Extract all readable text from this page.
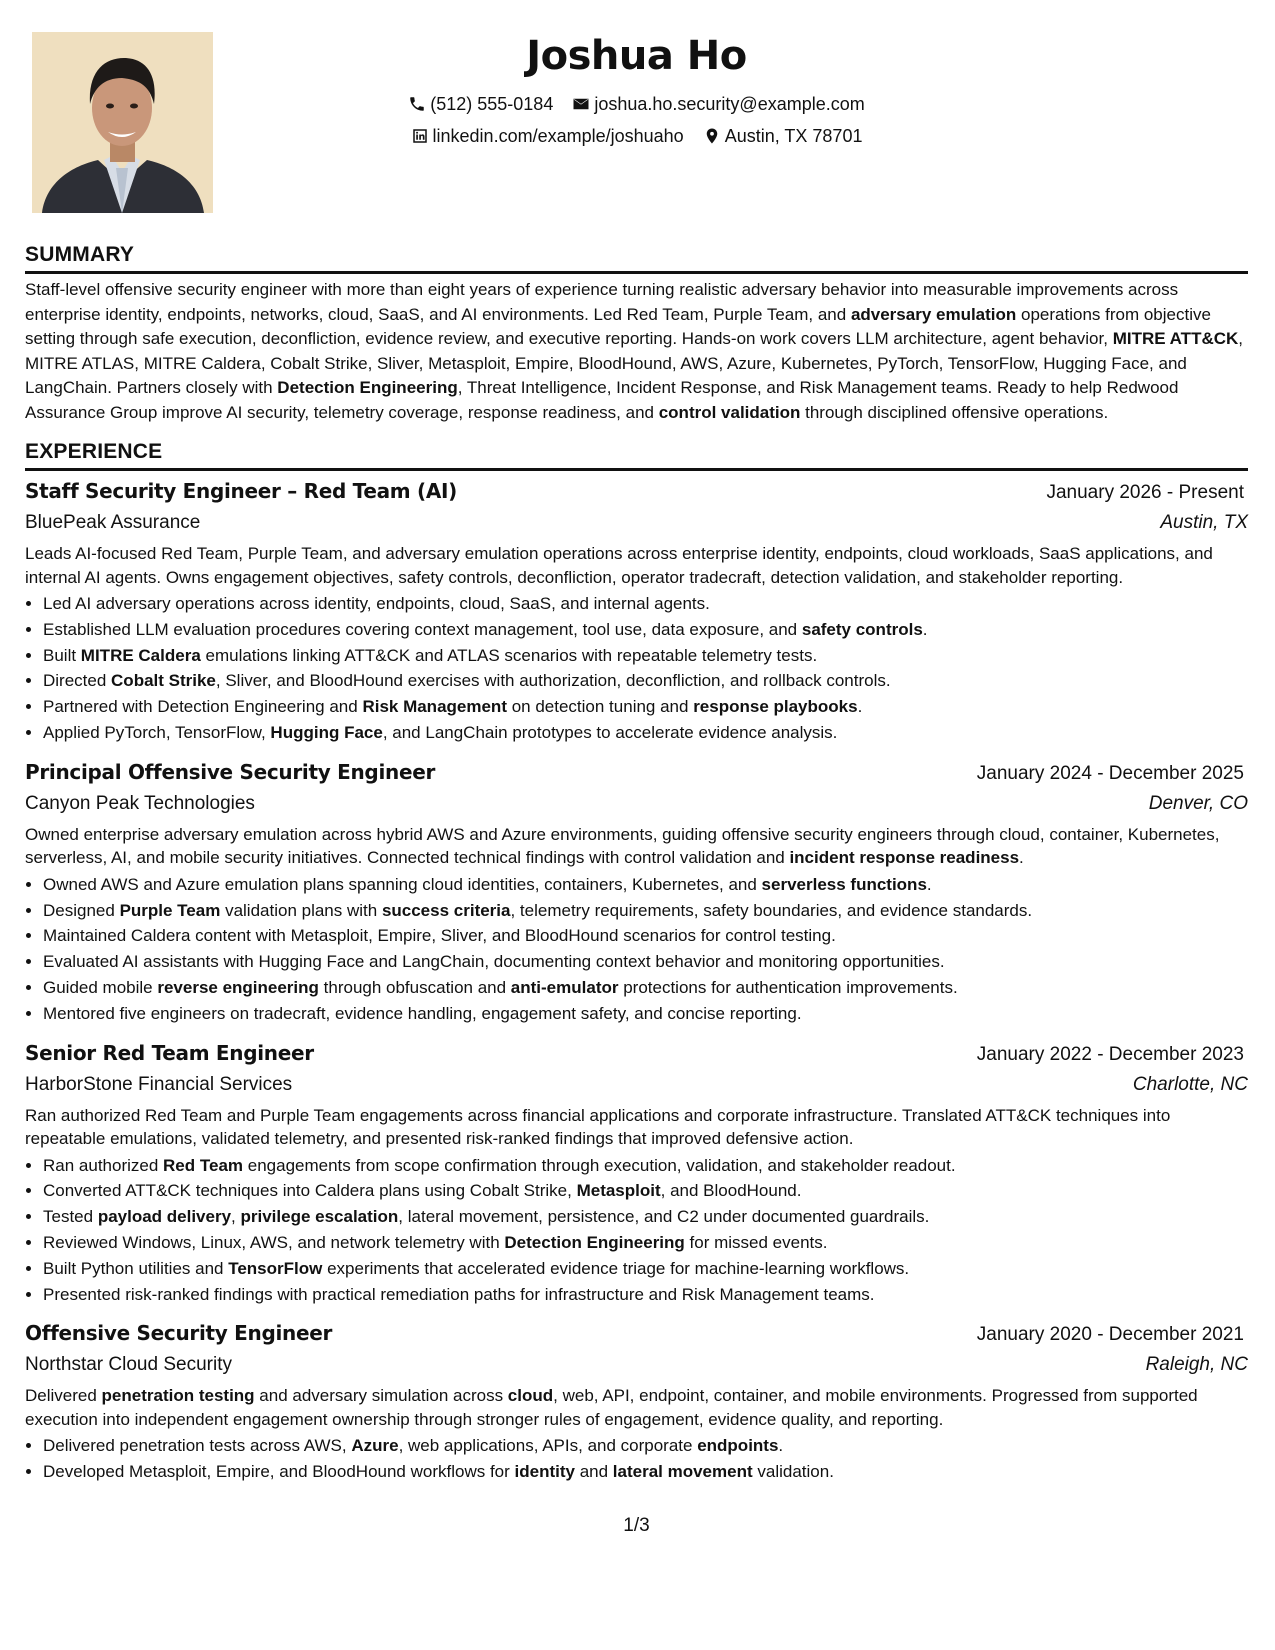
Joshua Ho
(512) 555-0184
joshua.ho.security@example.com
linkedin.com/example/joshuaho
Austin, TX 78701
SUMMARY

Staff-level offensive security engineer with more than eight years of experience turning realistic adversary behavior into measurable improvements across enterprise identity, endpoints, networks, cloud, SaaS, and AI environments. Led Red Team, Purple Team, and adversary emulation operations from objective setting through safe execution, deconfliction, evidence review, and executive reporting. Hands-on work covers LLM architecture, agent behavior, MITRE ATT&CK, MITRE ATLAS, MITRE Caldera, Cobalt Strike, Sliver, Metasploit, Empire, BloodHound, AWS, Azure, Kubernetes, PyTorch, TensorFlow, Hugging Face, and LangChain. Partners closely with Detection Engineering, Threat Intelligence, Incident Response, and Risk Management teams. Ready to help Redwood Assurance Group improve AI security, telemetry coverage, response readiness, and control validation through disciplined offensive operations.

EXPERIENCE
Staff Security Engineer – Red Team (AI)	January 2026 - Present
BluePeak Assurance	Austin, TX

Leads AI-focused Red Team, Purple Team, and adversary emulation operations across enterprise identity, endpoints, cloud workloads, SaaS applications, and internal AI agents. Owns engagement objectives, safety controls, deconfliction, operator tradecraft, detection validation, and stakeholder reporting.

• Led AI adversary operations across identity, endpoints, cloud, SaaS, and internal agents.
• Established LLM evaluation procedures covering context management, tool use, data exposure, and safety controls.
• Built MITRE Caldera emulations linking ATT&CK and ATLAS scenarios with repeatable telemetry tests.
• Directed Cobalt Strike, Sliver, and BloodHound exercises with authorization, deconfliction, and rollback controls.
• Partnered with Detection Engineering and Risk Management on detection tuning and response playbooks.
• Applied PyTorch, TensorFlow, Hugging Face, and LangChain prototypes to accelerate evidence analysis.
Principal Offensive Security Engineer	January 2024 - December 2025
Canyon Peak Technologies	Denver, CO

Owned enterprise adversary emulation across hybrid AWS and Azure environments, guiding offensive security engineers through cloud, container, Kubernetes, serverless, AI, and mobile security initiatives. Connected technical findings with control validation and incident response readiness.

• Owned AWS and Azure emulation plans spanning cloud identities, containers, Kubernetes, and serverless functions.
• Designed Purple Team validation plans with success criteria, telemetry requirements, safety boundaries, and evidence standards.
• Maintained Caldera content with Metasploit, Empire, Sliver, and BloodHound scenarios for control testing.
• Evaluated AI assistants with Hugging Face and LangChain, documenting context behavior and monitoring opportunities.
• Guided mobile reverse engineering through obfuscation and anti-emulator protections for authentication improvements.
• Mentored five engineers on tradecraft, evidence handling, engagement safety, and concise reporting.
Senior Red Team Engineer	January 2022 - December 2023
HarborStone Financial Services	Charlotte, NC

Ran authorized Red Team and Purple Team engagements across financial applications and corporate infrastructure. Translated ATT&CK techniques into repeatable emulations, validated telemetry, and presented risk-ranked findings that improved defensive action.

• Ran authorized Red Team engagements from scope confirmation through execution, validation, and stakeholder readout.
• Converted ATT&CK techniques into Caldera plans using Cobalt Strike, Metasploit, and BloodHound.
• Tested payload delivery, privilege escalation, lateral movement, persistence, and C2 under documented guardrails.
• Reviewed Windows, Linux, AWS, and network telemetry with Detection Engineering for missed events.
• Built Python utilities and TensorFlow experiments that accelerated evidence triage for machine-learning workflows.
• Presented risk-ranked findings with practical remediation paths for infrastructure and Risk Management teams.
Offensive Security Engineer	January 2020 - December 2021
Northstar Cloud Security	Raleigh, NC

Delivered penetration testing and adversary simulation across cloud, web, API, endpoint, container, and mobile environments. Progressed from supported execution into independent engagement ownership through stronger rules of engagement, evidence quality, and reporting.

• Delivered penetration tests across AWS, Azure, web applications, APIs, and corporate endpoints.
• Developed Metasploit, Empire, and BloodHound workflows for identity and lateral movement validation.
1/3
